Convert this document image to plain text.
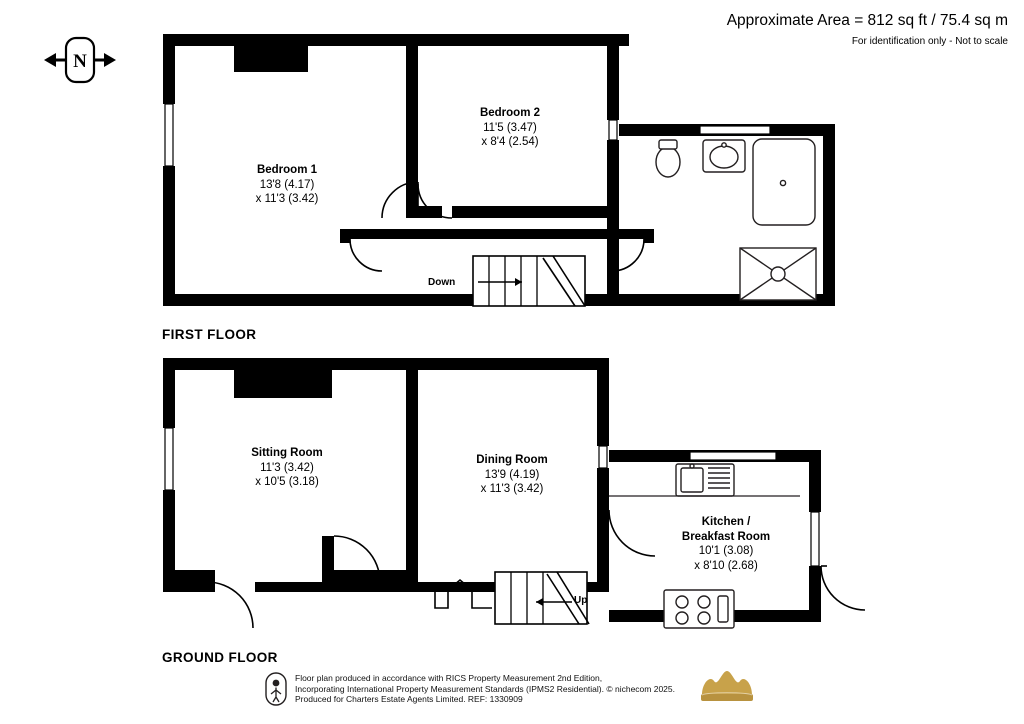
Approximate Area = 812 sq ft / 75.4 sq m
For identification only - Not to scale
N
Bedroom 1
13'8 (4.17)
x 11'3 (3.42)
Bedroom 2
11'5 (3.47)
x 8'4 (2.54)
Down
FIRST FLOOR
Sitting Room
11'3 (3.42)
x 10'5 (3.18)
Dining Room
13'9 (4.19)
x 11'3 (3.42)
Kitchen /
Breakfast Room
10'1 (3.08)
x 8'10 (2.68)
Up
GROUND FLOOR
Floor plan produced in accordance with RICS Property Measurement 2nd Edition,
Incorporating International Property Measurement Standards (IPMS2 Residential). © nichecom 2025.
Produced for Charters Estate Agents Limited. REF: 1330909
